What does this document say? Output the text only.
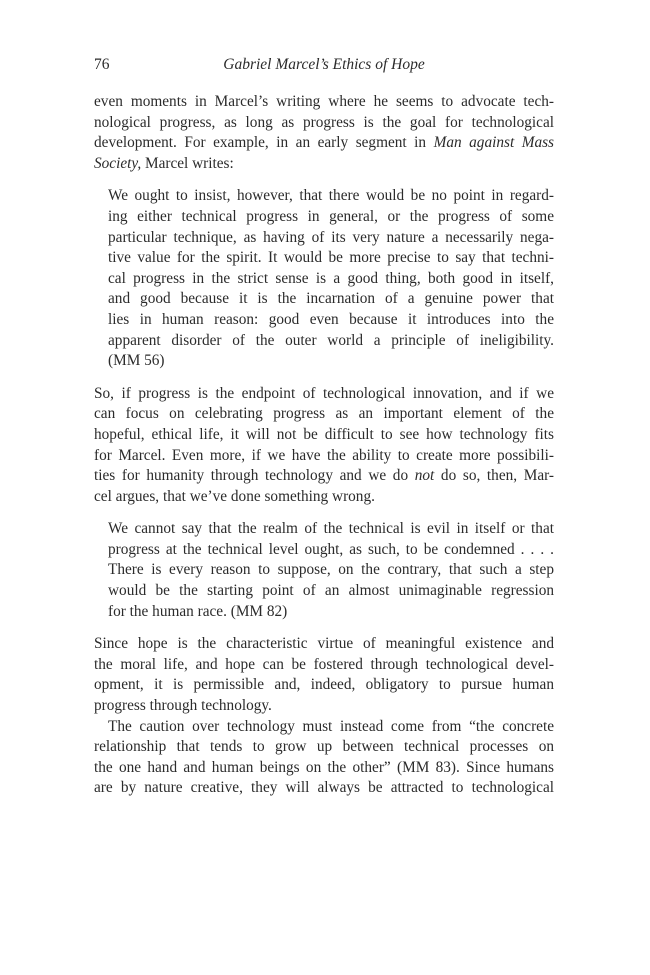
76	Gabriel Marcel’s Ethics of Hope

even moments in Marcel’s writing where he seems to advocate tech-
nological progress, as long as progress is the goal for technological
development. For example, in an early segment in Man against Mass
Society, Marcel writes:

We ought to insist, however, that there would be no point in regard-
ing either technical progress in general, or the progress of some
particular technique, as having of its very nature a necessarily nega-
tive value for the spirit. It would be more precise to say that techni-
cal progress in the strict sense is a good thing, both good in itself,
and good because it is the incarnation of a genuine power that
lies in human reason: good even because it introduces into the
apparent disorder of the outer world a principle of ineligibility.
(MM 56)

So, if progress is the endpoint of technological innovation, and if we
can focus on celebrating progress as an important element of the
hopeful, ethical life, it will not be difficult to see how technology fits
for Marcel. Even more, if we have the ability to create more possibili-
ties for humanity through technology and we do not do so, then, Mar-
cel argues, that we’ve done something wrong.

We cannot say that the realm of the technical is evil in itself or that
progress at the technical level ought, as such, to be condemned . . . .
There is every reason to suppose, on the contrary, that such a step
would be the starting point of an almost unimaginable regression
for the human race. (MM 82)

Since hope is the characteristic virtue of meaningful existence and
the moral life, and hope can be fostered through technological devel-
opment, it is permissible and, indeed, obligatory to pursue human
progress through technology.

The caution over technology must instead come from “the concrete
relationship that tends to grow up between technical processes on
the one hand and human beings on the other” (MM 83). Since humans
are by nature creative, they will always be attracted to technological
